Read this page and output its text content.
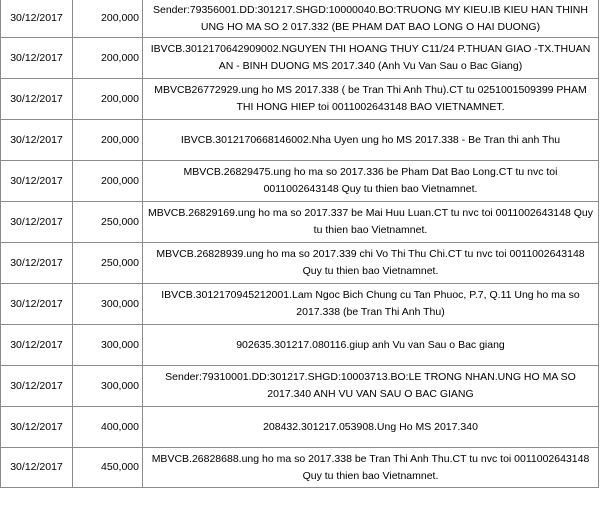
30/12/2017	200,000	Sender:79356001.DD:301217.SHGD:10000040.BO:TRUONG MY KIEU.IB KIEU HAN THINH UNG HO MA SO 2 017.332 (BE PHAM DAT BAO LONG O HAI DUONG)
30/12/2017	200,000	IBVCB.3012170642909002.NGUYEN THI HOANG THUY C11/24 P.THUAN GIAO -TX.THUAN AN - BINH DUONG MS 2017.340 (Anh Vu Van Sau o Bac Giang)
30/12/2017	200,000	MBVCB26772929.ung ho MS 2017.338 ( be Tran Thi Anh Thu).CT tu 0251001509399 PHAM THI HONG HIEP toi 0011002643148 BAO VIETNAMNET.
30/12/2017	200,000	IBVCB.3012170668146002.Nha Uyen ung ho MS 2017.338 - Be Tran thi anh Thu
30/12/2017	200,000	MBVCB.26829475.ung ho ma so 2017.336 be Pham Dat Bao Long.CT tu nvc toi 0011002643148 Quy tu thien bao Vietnamnet.
30/12/2017	250,000	MBVCB.26829169.ung ho ma so 2017.337 be Mai Huu Luan.CT tu nvc toi 0011002643148 Quy tu thien bao Vietnamnet.
30/12/2017	250,000	MBVCB.26828939.ung ho ma so 2017.339 chi Vo Thi Thu Chi.CT tu nvc toi 0011002643148 Quy tu thien bao Vietnamnet.
30/12/2017	300,000	IBVCB.3012170945212001.Lam Ngoc Bich Chung cu Tan Phuoc, P.7, Q.11 Ung ho ma so 2017.338 (be Tran Thi Anh Thu)
30/12/2017	300,000	902635.301217.080116.giup anh Vu van Sau o Bac giang
30/12/2017	300,000	Sender:79310001.DD:301217.SHGD:10003713.BO:LE TRONG NHAN.UNG HO MA SO 2017.340 ANH VU VAN SAU O BAC GIANG
30/12/2017	400,000	208432.301217.053908.Ung Ho MS 2017.340
30/12/2017	450,000	MBVCB.26828688.ung ho ma so 2017.338 be Tran Thi Anh Thu.CT tu nvc toi 0011002643148 Quy tu thien bao Vietnamnet.
